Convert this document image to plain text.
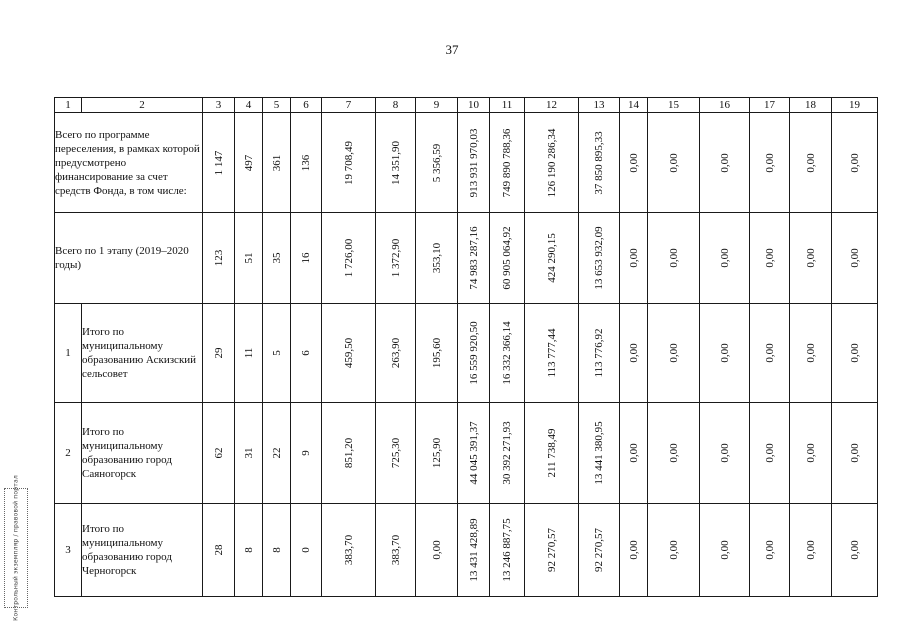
37
Контрольный экземпляр / правовой портал
1	2	3	4	5	6	7	8	9	10	11	12	13	14	15	16	17	18	19
Всего по программе переселения, в рамках которой предусмотрено финансирование за счет средств Фонда, в том числе:		1 147	497	361	136	19 708,49	14 351,90	5 356,59	913 931 970,03	749 890 788,36	126 190 286,34	37 850 895,33	0,00	0,00	0,00	0,00	0,00	0,00

Всего по 1 этапу (2019–2020 годы)		123	51	35	16	1 726,00	1 372,90	353,10	74 983 287,16	60 905 064,92	424 290,15	13 653 932,09	0,00	0,00	0,00	0,00	0,00	0,00

1	Итого по муниципальному образованию Аскизский сельсовет	29	11	5	6	459,50	263,90	195,60	16 559 920,50	16 332 366,14	113 777,44	113 776,92	0,00	0,00	0,00	0,00	0,00	0,00

2	Итого по муниципальному образованию город Саяногорск	62	31	22	9	851,20	725,30	125,90	44 045 391,37	30 392 271,93	211 738,49	13 441 380,95	0,00	0,00	0,00	0,00	0,00	0,00

3	Итого по муниципальному образованию город Черногорск	28	8	8	0	383,70	383,70	0,00	13 431 428,89	13 246 887,75	92 270,57	92 270,57	0,00	0,00	0,00	0,00	0,00	0,00
